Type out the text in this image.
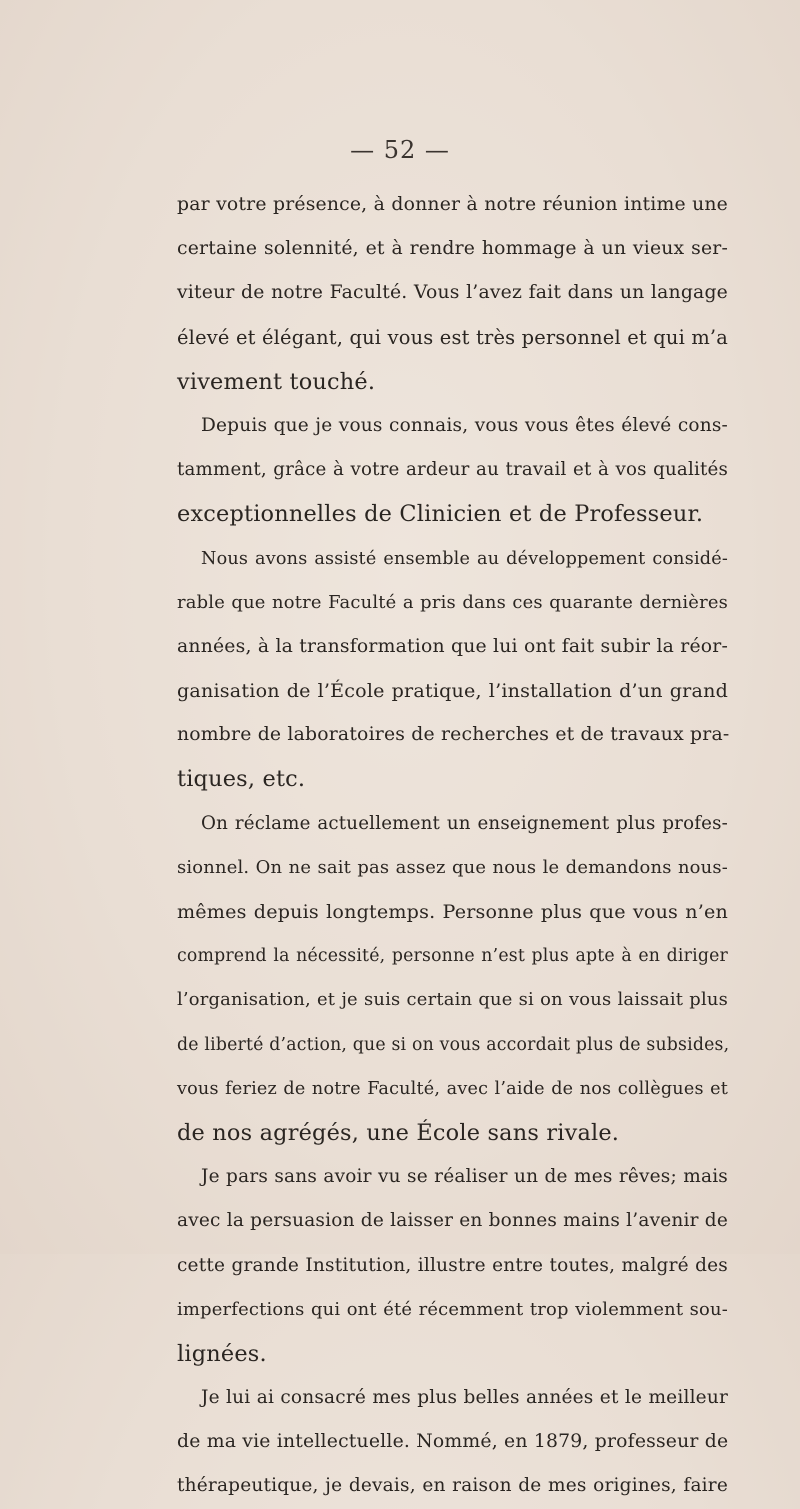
— 52 —
par votre présence, à donner à notre réunion intime une
certaine solennité, et à rendre hommage à un vieux ser-
viteur de notre Faculté. Vous l’avez fait dans un langage
élevé et élégant, qui vous est très personnel et qui m’a
vivement touché.
Depuis que je vous connais, vous vous êtes élevé cons-
tamment, grâce à votre ardeur au travail et à vos qualités
exceptionnelles de Clinicien et de Professeur.
Nous avons assisté ensemble au développement considé-
rable que notre Faculté a pris dans ces quarante dernières
années, à la transformation que lui ont fait subir la réor-
ganisation de l’École pratique, l’installation d’un grand
nombre de laboratoires de recherches et de travaux pra-
tiques, etc.
On réclame actuellement un enseignement plus profes-
sionnel. On ne sait pas assez que nous le demandons nous-
mêmes depuis longtemps. Personne plus que vous n’en
comprend la nécessité, personne n’est plus apte à en diriger
l’organisation, et je suis certain que si on vous laissait plus
de liberté d’action, que si on vous accordait plus de subsides,
vous feriez de notre Faculté, avec l’aide de nos collègues et
de nos agrégés, une École sans rivale.
Je pars sans avoir vu se réaliser un de mes rêves; mais
avec la persuasion de laisser en bonnes mains l’avenir de
cette grande Institution, illustre entre toutes, malgré des
imperfections qui ont été récemment trop violemment sou-
lignées.
Je lui ai consacré mes plus belles années et le meilleur
de ma vie intellectuelle. Nommé, en 1879, professeur de
thérapeutique, je devais, en raison de mes origines, faire
